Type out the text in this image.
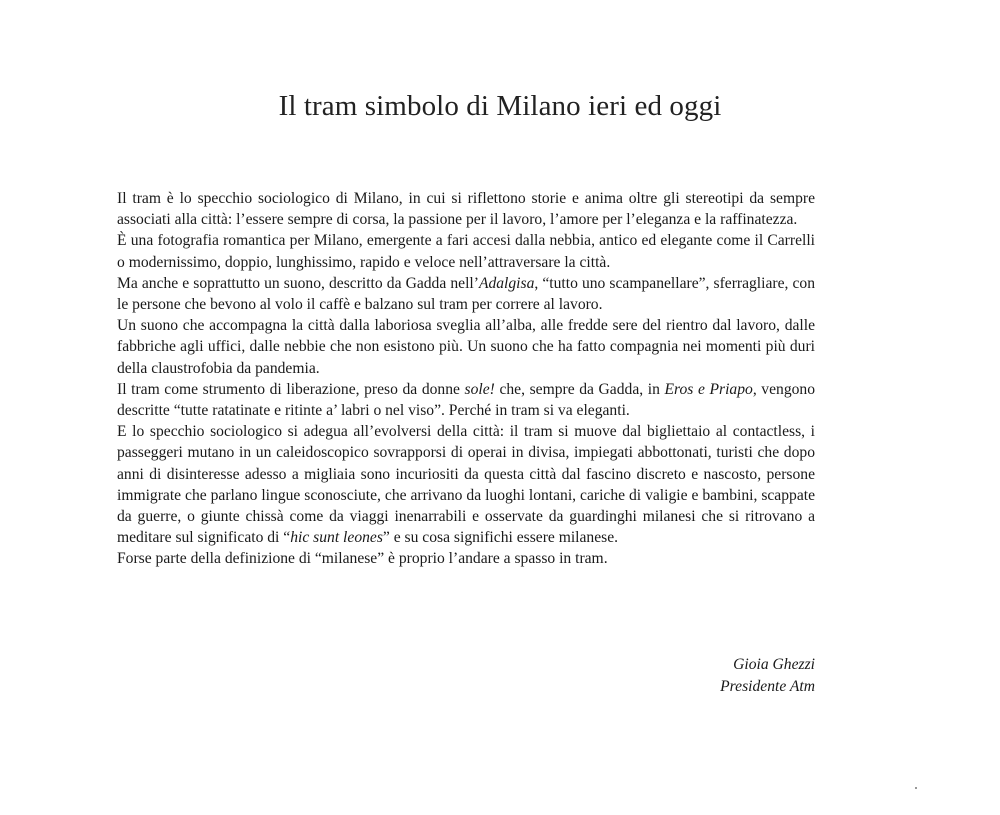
Il tram simbolo di Milano ieri ed oggi

Il tram è lo specchio sociologico di Milano, in cui si riflettono storie e anima oltre gli stereotipi da sempre associati alla città: l’essere sempre di corsa, la passione per il lavoro, l’amore per l’eleganza e la raffinatezza.

È una fotografia romantica per Milano, emergente a fari accesi dalla nebbia, antico ed elegante come il Carrelli o modernissimo, doppio, lunghissimo, rapido e veloce nell’attraversare la città.

Ma anche e soprattutto un suono, descritto da Gadda nell’Adalgisa, “tutto uno scampanellare”, sferragliare, con le persone che bevono al volo il caffè e balzano sul tram per correre al lavoro.

Un suono che accompagna la città dalla laboriosa sveglia all’alba, alle fredde sere del rientro dal lavoro, dalle fabbriche agli uffici, dalle nebbie che non esistono più. Un suono che ha fatto compagnia nei momenti più duri della claustrofobia da pandemia.

Il tram come strumento di liberazione, preso da donne sole! che, sempre da Gadda, in Eros e Priapo, vengono descritte “tutte ratatinate e ritinte a’ labri o nel viso”. Perché in tram si va eleganti.

E lo specchio sociologico si adegua all’evolversi della città: il tram si muove dal bigliettaio al contactless, i passeggeri mutano in un caleidoscopico sovrapporsi di operai in divisa, impiegati abbottonati, turisti che dopo anni di disinteresse adesso a migliaia sono incuriositi da questa città dal fascino discreto e nascosto, persone immigrate che parlano lingue sconosciute, che arrivano da luoghi lontani, cariche di valigie e bambini, scappate da guerre, o giunte chissà come da viaggi inenarrabili e osservate da guardinghi milanesi che si ritrovano a meditare sul significato di “hic sunt leones” e su cosa significhi essere milanese.

Forse parte della definizione di “milanese” è proprio l’andare a spasso in tram.

Gioia Ghezzi
Presidente Atm
